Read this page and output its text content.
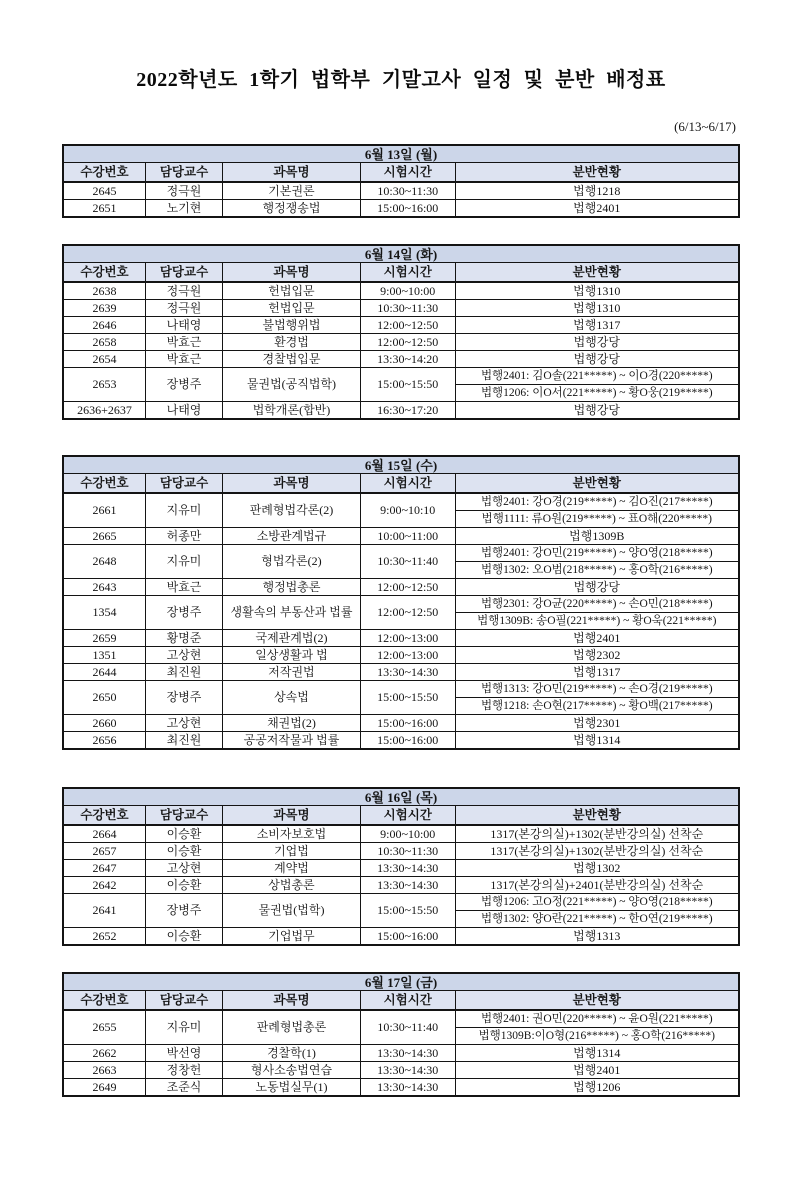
2022학년도 1학기 법학부 기말고사 일정 및 분반 배정표
(6/13~6/17)
6월 13일 (월)				
수강번호	담당교수	과목명	시험시간	분반현황
2645	정극원	기본권론	10:30~11:30	법행1218
2651	노기현	행정쟁송법	15:00~16:00	법행2401
6월 14일 (화)				
수강번호	담당교수	과목명	시험시간	분반현황
2638	정극원	헌법입문	9:00~10:00	법행1310
2639	정극원	헌법입문	10:30~11:30	법행1310
2646	나태영	불법행위법	12:00~12:50	법행1317
2658	박효근	환경법	12:00~12:50	법행강당
2654	박효근	경찰법입문	13:30~14:20	법행강당
2653	장병주	물권법(공직법학)	15:00~15:50	법행2401: 김O솔(221*****) ~ 이O경(220*****)
				법행1206: 이O서(221*****) ~ 황O웅(219*****)
2636+2637	나태영	법학개론(합반)	16:30~17:20	법행강당
6월 15일 (수)				
수강번호	담당교수	과목명	시험시간	분반현황
2661	지유미	판례형법각론(2)	9:00~10:10	법행2401: 강O경(219*****) ~ 김O진(217*****)
				법행1111: 류O원(219*****) ~ 표O해(220*****)
2665	허종만	소방관계법규	10:00~11:00	법행1309B
2648	지유미	형법각론(2)	10:30~11:40	법행2401: 강O민(219*****) ~ 양O영(218*****)
				법행1302: 오O범(218*****) ~ 홍O학(216*****)
2643	박효근	행정법총론	12:00~12:50	법행강당
1354	장병주	생활속의 부동산과 법률	12:00~12:50	법행2301: 강O균(220*****) ~ 손O민(218*****)
				법행1309B: 송O필(221*****) ~ 황O욱(221*****)
2659	황명준	국제관계법(2)	12:00~13:00	법행2401
1351	고상현	일상생활과 법	12:00~13:00	법행2302
2644	최진원	저작권법	13:30~14:30	법행1317
2650	장병주	상속법	15:00~15:50	법행1313: 강O민(219*****) ~ 손O경(219*****)
				법행1218: 손O현(217*****) ~ 황O백(217*****)
2660	고상현	채권법(2)	15:00~16:00	법행2301
2656	최진원	공공저작물과 법률	15:00~16:00	법행1314
6월 16일 (목)				
수강번호	담당교수	과목명	시험시간	분반현황
2664	이승환	소비자보호법	9:00~10:00	1317(본강의실)+1302(분반강의실) 선착순
2657	이승환	기업법	10:30~11:30	1317(본강의실)+1302(분반강의실) 선착순
2647	고상현	계약법	13:30~14:30	법행1302
2642	이승환	상법총론	13:30~14:30	1317(본강의실)+2401(분반강의실) 선착순
2641	장병주	물권법(법학)	15:00~15:50	법행1206: 고O정(221*****) ~ 양O영(218*****)
				법행1302: 양O란(221*****) ~ 한O연(219*****)
2652	이승환	기업법무	15:00~16:00	법행1313
6월 17일 (금)				
수강번호	담당교수	과목명	시험시간	분반현황
2655	지유미	판례형법총론	10:30~11:40	법행2401: 권O민(220*****) ~ 윤O원(221*****)
				법행1309B:이O형(216*****) ~ 홍O학(216*****)
2662	박선영	경찰학(1)	13:30~14:30	법행1314
2663	정창헌	형사소송법연습	13:30~14:30	법행2401
2649	조준식	노동법실무(1)	13:30~14:30	법행1206
